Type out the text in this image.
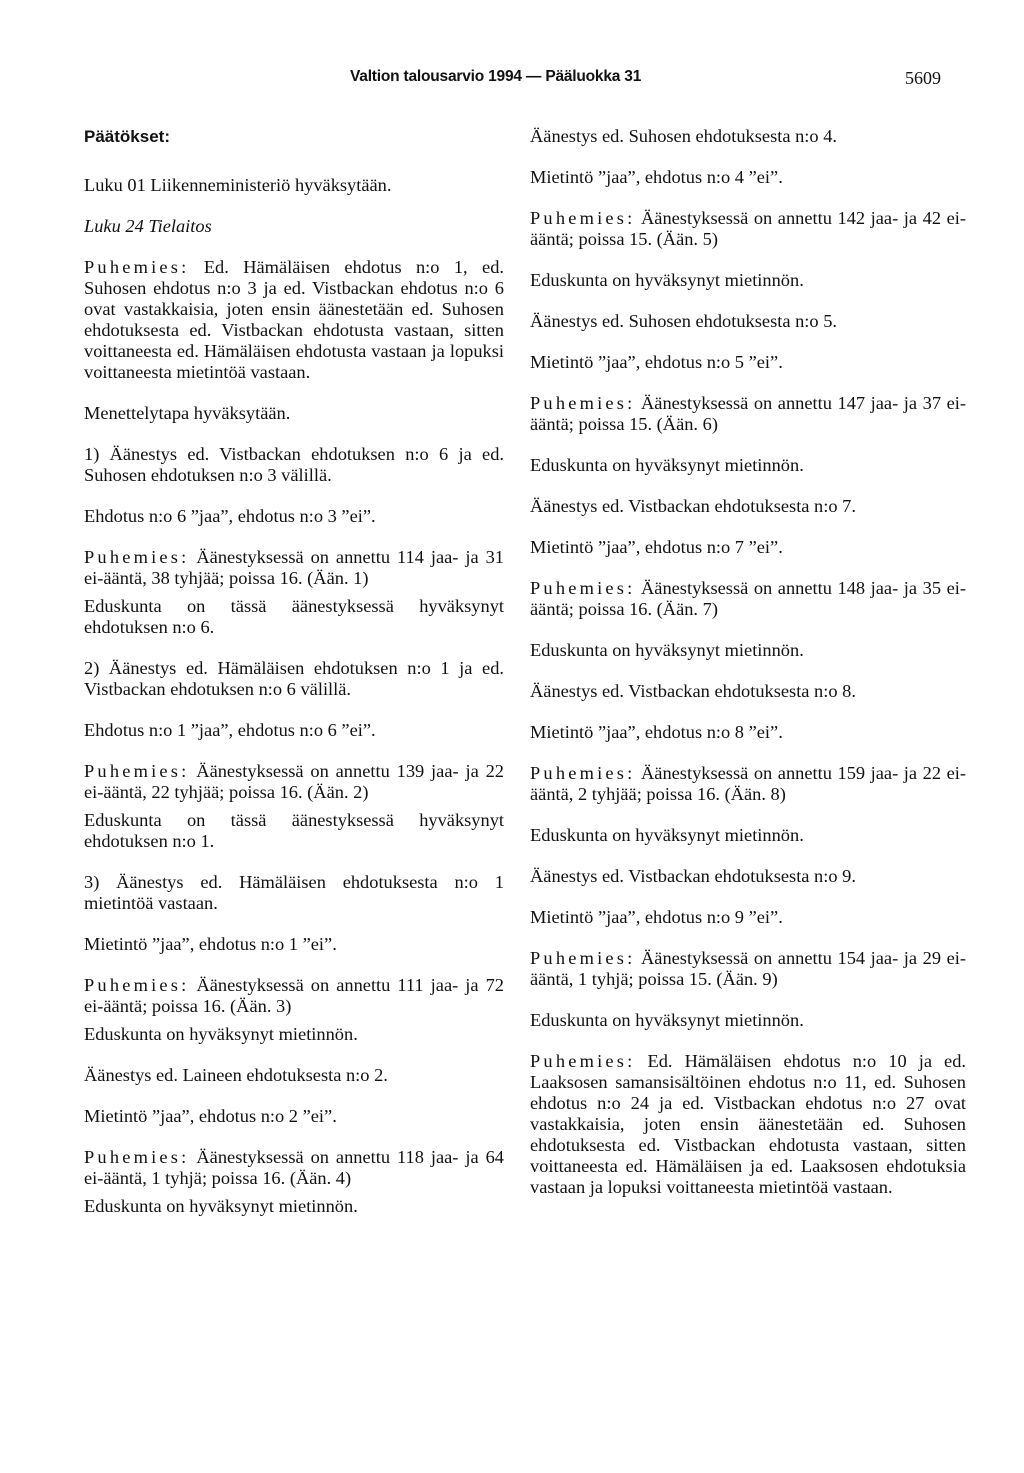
Valtion talousarvio 1994 — Pääluokka 31	5609
Päätökset:

Luku 01 Liikenneministeriö hyväksytään.

Luku 24 Tielaitos

Puhemies: Ed. Hämäläisen ehdotus n:o 1, ed. Suhosen ehdotus n:o 3 ja ed. Vistbackan ehdotus n:o 6 ovat vastakkaisia, joten ensin äänestetään ed. Suhosen ehdotuksesta ed. Vistbackan ehdotusta vastaan, sitten voittaneesta ed. Hämäläisen ehdotusta vastaan ja lopuksi voittaneesta mietintöä vastaan.

Menettelytapa hyväksytään.

1) Äänestys ed. Vistbackan ehdotuksen n:o 6 ja ed. Suhosen ehdotuksen n:o 3 välillä.

Ehdotus n:o 6 ”jaa”, ehdotus n:o 3 ”ei”.

Puhemies: Äänestyksessä on annettu 114 jaa- ja 31 ei-ääntä, 38 tyhjää; poissa 16. (Ään. 1)

Eduskunta on tässä äänestyksessä hyväksynyt ehdotuksen n:o 6.

2) Äänestys ed. Hämäläisen ehdotuksen n:o 1 ja ed. Vistbackan ehdotuksen n:o 6 välillä.

Ehdotus n:o 1 ”jaa”, ehdotus n:o 6 ”ei”.

Puhemies: Äänestyksessä on annettu 139 jaa- ja 22 ei-ääntä, 22 tyhjää; poissa 16. (Ään. 2)

Eduskunta on tässä äänestyksessä hyväksynyt ehdotuksen n:o 1.

3) Äänestys ed. Hämäläisen ehdotuksesta n:o 1 mietintöä vastaan.

Mietintö ”jaa”, ehdotus n:o 1 ”ei”.

Puhemies: Äänestyksessä on annettu 111 jaa- ja 72 ei-ääntä; poissa 16. (Ään. 3)

Eduskunta on hyväksynyt mietinnön.

Äänestys ed. Laineen ehdotuksesta n:o 2.

Mietintö ”jaa”, ehdotus n:o 2 ”ei”.

Puhemies: Äänestyksessä on annettu 118 jaa- ja 64 ei-ääntä, 1 tyhjä; poissa 16. (Ään. 4)

Eduskunta on hyväksynyt mietinnön.

Äänestys ed. Suhosen ehdotuksesta n:o 4.

Mietintö ”jaa”, ehdotus n:o 4 ”ei”.

Puhemies: Äänestyksessä on annettu 142 jaa- ja 42 ei-ääntä; poissa 15. (Ään. 5)

Eduskunta on hyväksynyt mietinnön.

Äänestys ed. Suhosen ehdotuksesta n:o 5.

Mietintö ”jaa”, ehdotus n:o 5 ”ei”.

Puhemies: Äänestyksessä on annettu 147 jaa- ja 37 ei-ääntä; poissa 15. (Ään. 6)

Eduskunta on hyväksynyt mietinnön.

Äänestys ed. Vistbackan ehdotuksesta n:o 7.

Mietintö ”jaa”, ehdotus n:o 7 ”ei”.

Puhemies: Äänestyksessä on annettu 148 jaa- ja 35 ei-ääntä; poissa 16. (Ään. 7)

Eduskunta on hyväksynyt mietinnön.

Äänestys ed. Vistbackan ehdotuksesta n:o 8.

Mietintö ”jaa”, ehdotus n:o 8 ”ei”.

Puhemies: Äänestyksessä on annettu 159 jaa- ja 22 ei-ääntä, 2 tyhjää; poissa 16. (Ään. 8)

Eduskunta on hyväksynyt mietinnön.

Äänestys ed. Vistbackan ehdotuksesta n:o 9.

Mietintö ”jaa”, ehdotus n:o 9 ”ei”.

Puhemies: Äänestyksessä on annettu 154 jaa- ja 29 ei-ääntä, 1 tyhjä; poissa 15. (Ään. 9)

Eduskunta on hyväksynyt mietinnön.

Puhemies: Ed. Hämäläisen ehdotus n:o 10 ja ed. Laaksosen samansisältöinen ehdotus n:o 11, ed. Suhosen ehdotus n:o 24 ja ed. Vistbackan ehdotus n:o 27 ovat vastakkaisia, joten ensin äänestetään ed. Suhosen ehdotuksesta ed. Vistbackan ehdotusta vastaan, sitten voittaneesta ed. Hämäläisen ja ed. Laaksosen ehdotuksia vastaan ja lopuksi voittaneesta mietintöä vastaan.
